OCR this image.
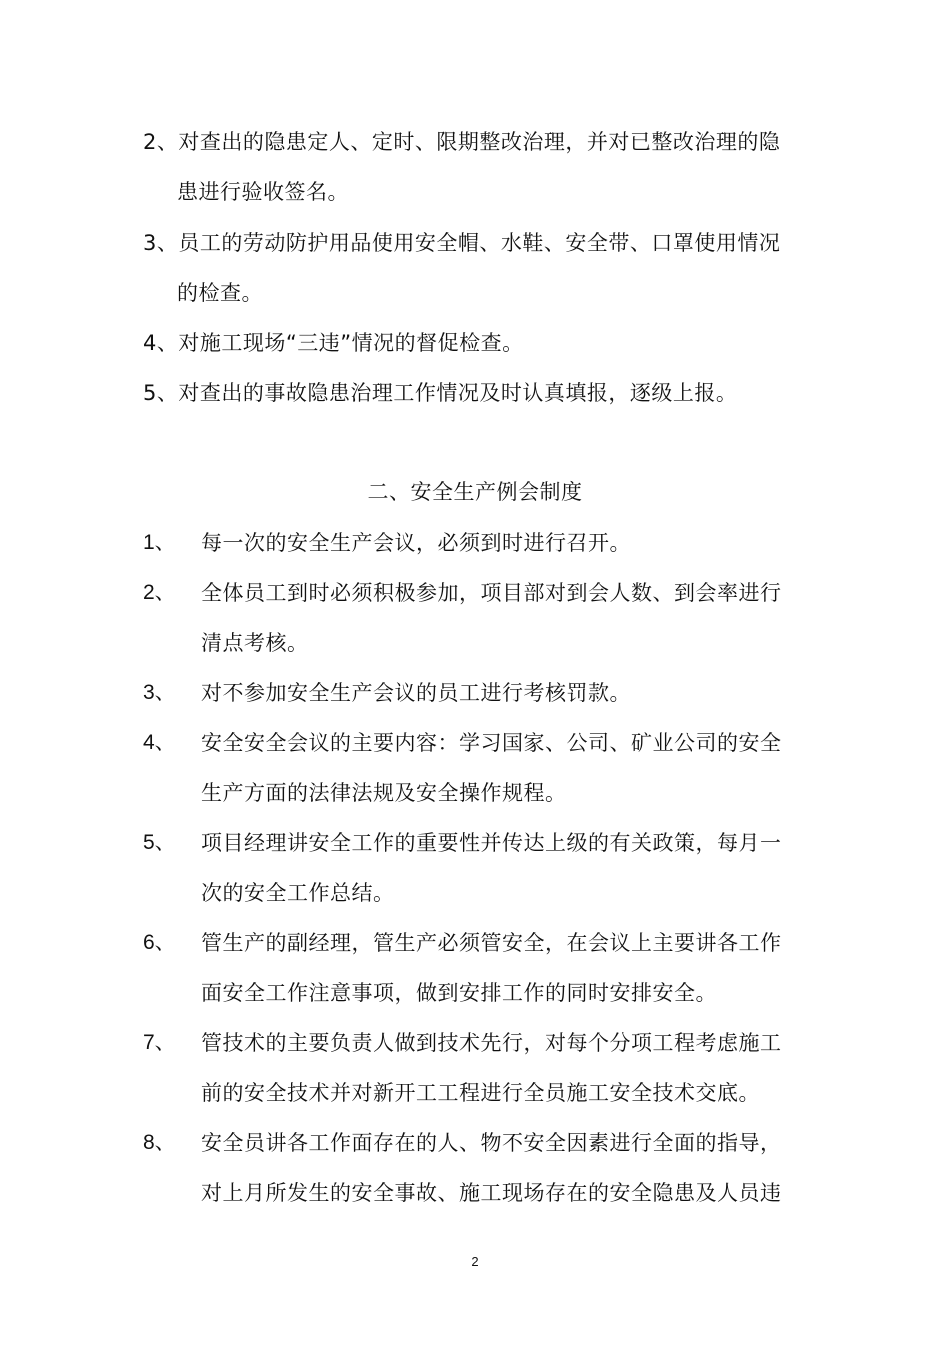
2、对查出的隐患定人、定时、限期整改治理，并对已整改治理的隐
患进行验收签名。
3、员工的劳动防护用品使用安全帽、水鞋、安全带、口罩使用情况
的检查。
4、对施工现场“三违”情况的督促检查。
5、对查出的事故隐患治理工作情况及时认真填报，逐级上报。
二、安全生产例会制度
1、 每一次的安全生产会议，必须到时进行召开。
2、 全体员工到时必须积极参加，项目部对到会人数、到会率进行
清点考核。
3、 对不参加安全生产会议的员工进行考核罚款。
4、 安全安全会议的主要内容：学习国家、公司、矿业公司的安全
生产方面的法律法规及安全操作规程。
5、 项目经理讲安全工作的重要性并传达上级的有关政策，每月一
次的安全工作总结。
6、 管生产的副经理，管生产必须管安全，在会议上主要讲各工作
面安全工作注意事项，做到安排工作的同时安排安全。
7、 管技术的主要负责人做到技术先行，对每个分项工程考虑施工
前的安全技术并对新开工工程进行全员施工安全技术交底。
8、 安全员讲各工作面存在的人、物不安全因素进行全面的指导，
对上月所发生的安全事故、施工现场存在的安全隐患及人员违
2
